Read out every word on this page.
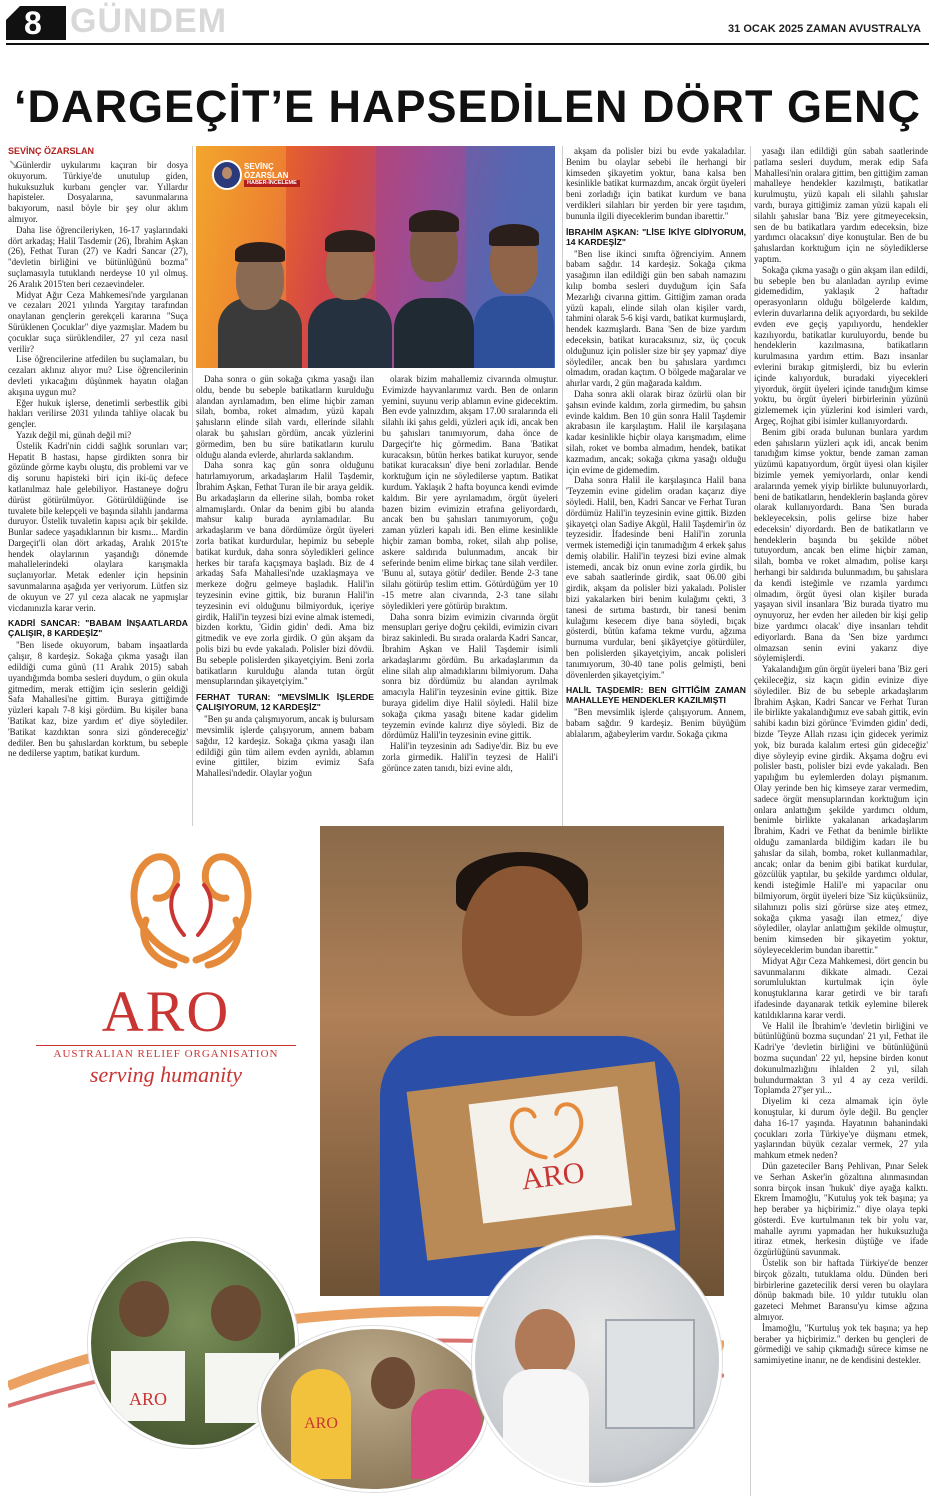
8 GÜNDEM	31 OCAK 2025 ZAMAN AVUSTRALYA
‘DARGEÇİT’E HAPSEDİLEN DÖRT GENÇ
SEVİNÇ ÖZARSLAN
➘

Günlerdir uykularımı kaçıran bir dosya okuyorum. Türkiye'de unutulup giden, hukuksuzluk kurbanı gençler var. Yıllardır hapisteler. Dosyalarına, savunmalarına bakıyorum, nasıl böyle bir şey olur aklım almıyor.

Daha lise öğrencileriyken, 16-17 yaşlarındaki dört arkadaş; Halil Tasdemir (26), İbrahim Aşkan (26), Fethat Turan (27) ve Kadri Sancar (27), "devletin birliğini ve bütünlüğünü bozma" suçlamasıyla tutuklandı nerdeyse 10 yıl olmuş. 26 Aralık 2015'ten beri cezaevindeler.

Midyat Ağır Ceza Mahkemesi'nde yargılanan ve cezaları 2021 yılında Yargıtay tarafından onaylanan gençlerin gerekçeli kararına "Suça Sürüklenen Çocuklar" diye yazmışlar. Madem bu çocuklar suça sürüklendiler, 27 yıl ceza nasıl verilir?

Lise öğrencilerine atfedilen bu suçlamaları, bu cezaları aklınız alıyor mu? Lise öğrencilerinin devleti yıkacağını düşünmek hayatın olağan akışına uygun mu?

Eğer hukuk işlerse, denetimli serbestlik gibi hakları verilirse 2031 yılında tahliye olacak bu gençler.

Yazık değil mi, günah değil mi?

Üstelik Kadri'nin ciddi sağlık sorunları var; Hepatit B hastası, hapse girdikten sonra bir gözünde görme kaybı oluştu, dis problemi var ve diş sorunu hapisteki biri için iki-üç defece katlanılmaz hale gelebiliyor. Hastaneye doğru dürüst götürülmüyor. Götürüldüğünde ise tuvalete bile kelepçeli ve başında silahlı jandarma duruyor. Üstelik tuvaletin kapısı açık bir şekilde. Bunlar sadece yaşadıklarının bir kısmı... Mardin Dargeçit'li olan dört arkadaş, Aralık 2015'te hendek olaylarının yaşandığı dönemde mahallelerindeki olaylara karışmakla suçlanıyorlar. Metak edenler için hepsinin savunmalarına aşağıda yer veriyorum. Lütfen siz de okuyun ve 27 yıl ceza alacak ne yapmışlar vicdanınızla karar verin.

KADRİ SANCAR: "BABAM İNŞAATLARDA ÇALIŞIR, 8 KARDEŞİZ"

"Ben lisede okuyorum, babam inşaatlarda çalışır, 8 kardeşiz. Sokağa çıkma yasağı ilan edildiği cuma günü (11 Aralık 2015) sabah uyandığımda bomba sesleri duydum, o gün okula gitmedim, merak ettiğim için seslerin geldiği Safa Mahallesi'ne gittim. Buraya gittiğimde yüzleri kapalı 7-8 kişi gördüm. Bu kişiler bana 'Batikat kaz, bize yardım et' diye söylediler. 'Batikat kazdıktan sonra sizi göndereceğiz' dediler. Ben bu şahıslardan korktum, bu sebeple ne dedilerse yaptım, batikat kurdum.

Daha sonra o gün sokağa çıkma yasağı ilan oldu, bende bu sebeple batikatların kurulduğu alandan ayrılamadım, ben elime hiçbir zaman silah, bomba, roket almadım, yüzü kapalı şahısların elinde silah vardı, ellerinde silahlı olarak bu şahısları gördüm, ancak yüzlerini görmedim, ben bu süre batikatların kurulu olduğu alanda evlerde, ahırlarda saklandım.

Daha sonra kaç gün sonra olduğunu hatırlamıyorum, arkadaşlarım Halil Taşdemir, İbrahim Aşkan, Fethat Turan ile bir araya geldik. Bu arkadaşların da ellerine silah, bomba roket almamışlardı. Onlar da benim gibi bu alanda mahsur kalıp burada ayrılamadılar. Bu arkadaşlarım ve bana dördümüze örgüt üyeleri zorla batikat kurdurdular, hepimiz bu sebeple batikat kurduk, daha sonra söyledikleri gelince herkes bir tarafa kaçışmaya başladı. Biz de 4 arkadaş Safa Mahallesi'nde uzaklaşmaya ve merkeze doğru gelmeye başladık. Halil'in teyzesinin evine gittik, biz buranın Halil'in teyzesinin evi olduğunu bilmiyorduk, içeriye girdik, Halil'in teyzesi bizi evine almak istemedi, bizden korktu, 'Gidin gidin' dedi. Ama biz gitmedik ve eve zorla girdik. O gün akşam da polis bizi bu evde yakaladı. Polisler bizi dövdü. Bu sebeple polislerden şikayetçiyim. Beni zorla batikatların kurulduğu alanda tutan örgüt mensuplarından şikayetçiyim."

FERHAT TURAN: "MEVSİMLİK İŞLERDE ÇALIŞIYORUM, 12 KARDEŞİZ"

"Ben şu anda çalışmıyorum, ancak iş bulursam mevsimlik işlerde çalışıyorum, annem babam sağdır, 12 kardeşiz. Sokağa çıkma yasağı ilan edildiği gün tüm ailem evden ayrıldı, ablamın evine gittiler, bizim evimiz Safa Mahallesi'ndedir. Olaylar yoğun

olarak bizim mahallemiz civarında olmuştur. Evimizde hayvanlarımız vardı. Ben de onların yemini, suyunu verip ablamın evine gidecektim. Ben evde yalnızdım, akşam 17.00 sıralarında eli silahlı iki şahıs geldi, yüzleri açık idi, ancak ben bu şahısları tanımıyorum, daha önce de Dargeçit'te hiç görmedim. Bana 'Batikat kuracaksın, bütün herkes batikat kuruyor, sende batikat kuracaksın' diye beni zorladılar. Bende korktuğum için ne söyledilerse yaptım. Batikat kurdum. Yaklaşık 2 hafta boyunca kendi evimde kaldım. Bir yere ayrılamadım, örgüt üyeleri bazen bizim evimizin etrafına geliyordardı, ancak ben bu şahısları tanımıyorum, çoğu zaman yüzleri kapalı idi. Ben elime kesinlikle hiçbir zaman bomba, roket, silah alıp polise, askere saldırıda bulunmadım, ancak bir seferinde benim elime birkaç tane silah verdiler. 'Bunu al, sutaya götür' dediler. Bende 2-3 tane silahı götürüp teslim ettim. Götürdüğüm yer 10 -15 metre alan civarında, 2-3 tane silahı söyledikleri yere götürüp bıraktım.

Daha sonra bizim evimizin civarında örgüt mensupları geriye doğru çekildi, evimizin civarı biraz sakinledi. Bu sırada oralarda Kadri Sancar, İbrahim Aşkan ve Halil Taşdemir isimli arkadaşlarımı gördüm. Bu arkadaşlarımın da eline silah alıp almadıklarını bilmiyorum. Daha sonra biz dördümüz bu alandan ayrılmak amacıyla Halil'in teyzesinin evine gittik. Bize buraya gidelim diye Halil söyledi. Halil bize sokağa çıkma yasağı bitene kadar gidelim teyzemin evinde kalırız diye söyledi. Biz de dördümüz Halil'in teyzesinin evine gittik.

Halil'in teyzesinin adı Sadiye'dir. Biz bu eve zorla girmedik. Halil'in teyzesi de Halil'i görünce zaten tanıdı, bizi evine aldı,

akşam da polisler bizi bu evde yakaladılar. Benim bu olaylar sebebi ile herhangi bir kimseden şikayetim yoktur, bana kalsa ben kesinlikle batikat kurmazdım, ancak örgüt üyeleri beni zorladığı için batikat kurdum ve bana verdikleri silahları bir yerden bir yere taşıdım, bununla ilgili diyeceklerim bundan ibarettir."

İBRAHİM AŞKAN: "LİSE İKİYE GİDİYORUM, 14 KARDEŞİZ"

"Ben lise ikinci sınıfta öğrenciyim. Annem babam sağdır. 14 kardeşiz. Sokağa çıkma yasağının ilan edildiği gün ben sabah namazını kılıp bomba sesleri duyduğum için Safa Mezarlığı civarına gittim. Gittiğim zaman orada yüzü kapalı, elinde silah olan kişiler vardı, tahmini olarak 5-6 kişi vardı, batikat kurmuşlardı, hendek kazmışlardı. Bana 'Sen de bize yardım edeceksin, batikat kuracaksınız, siz, üç çocuk olduğunuz için polisler size bir şey yapmaz' diye söylediler, ancak ben bu şahıslara yardımcı olmadım, oradan kaçtım. O bölgede mağaralar ve ahırlar vardı, 2 gün mağarada kaldım.

Daha sonra akli olarak biraz özürlü olan bir şahsın evinde kaldım, zorla girmedim, bu şahsın evinde kaldım. Ben 10 gün sonra Halil Taşdemir akrabasın ile karşılaştım. Halil ile karşılaşana kadar kesinlikle hiçbir olaya karışmadım, elime silah, roket ve bomba almadım, hendek, batikat kazmadım, ancak; sokağa çıkma yasağı olduğu için evime de gidemedim.

Daha sonra Halil ile karşılaşınca Halil bana 'Teyzemin evine gidelim oradan kaçarız diye söyledi. Halil, ben, Kadri Sancar ve Ferhat Turan dördümüz Halil'in teyzesinin evine gittik. Bizden şikayetçi olan Sadiye Akgül, Halil Taşdemir'in öz teyzesidir. İfadesinde beni Halil'in zorunla vermek istemediği için tanımadığım 4 erkek şahıs demiş olabilir. Halil'in teyzesi bizi evine almak istemedi, ancak biz onun evine zorla girdik, bu eve sabah saatlerinde girdik, saat 06.00 gibi girdik, akşam da polisler bizi yakaladı. Polisler bizi yakalarken biri benim kulağımı çekti, 3 tanesi de sırtıma bastırdı, bir tanesi benim kulağımı kesecem diye bana söyledi, bıçak gösterdi, bütün kafama tekme vurdu, ağzıma burnuma vurdular, beni şikâyetçiye götürdüler, ben polislerden şikayetçiyim, ancak polisleri tanımıyorum, 30-40 tane polis gelmişti, beni dövenlerden şikayetçiyim."

HALİL TAŞDEMİR: BEN GİTTİĞİM ZAMAN MAHALLEYE HENDEKLER KAZILMIŞTI

"Ben mevsimlik işlerde çalışıyorum. Annem, babam sağdır. 9 kardeşiz. Benim büyüğüm ablalarım, ağabeylerim vardır. Sokağa çıkma

yasağı ilan edildiği gün sabah saatlerinde patlama sesleri duydum, merak edip Safa Mahallesi'nin oralara gittim, ben gittiğim zaman mahalleye hendekler kazılmıştı, batikatlar kurulmuştu, yüzü kapalı eli silahlı şahıslar vardı, buraya gittiğimiz zaman yüzü kapalı eli silahlı şahıslar bana 'Biz yere gitmeyeceksin, sen de bu batikatlara yardım edeceksin, bize yardımcı olacaksın' diye konuştular. Ben de bu şahıslardan korktuğum için ne söylediklerse yaptım.

Sokağa çıkma yasağı o gün akşam ilan edildi, bu sebeple ben bu alanladan ayrılıp evime gidemedidim, yaklaşık 2 haftadır operasyonların olduğu bölgelerde kaldım, evlerin duvarlarına delik açıyordardı, bu sekilde evden eve geçiş yapılıyordu, hendekler kazılıyordu, batikatlar kuruluyordu, bende bu hendeklerin kazılmasına, batikatların kurulmasına yardım ettim. Bazı insanlar evlerini bırakıp gitmişlerdi, biz bu evlerin içinde kalıyorduk, buradaki yiyecekleri yiyorduk, örgüt üyeleri içinde tanıdığım kimse yoktu, bu örgüt üyeleri birbirlerinin yüzünü gizlememek için yüzlerini kod isimleri vardı, Argeç, Rojhat gibi isimler kullanıyordardı.

Benim gibi orada bulunan bunlara yardım eden şahısların yüzleri açık idi, ancak benim tanıdığım kimse yoktur, bende zaman zaman yüzümü kapatıyordum, örgüt üyesi olan kişiler bizimle yemek yemiyorlardı, onlar kendi aralarında yemek yiyip birlikte bulunuyorlardı, beni de batikatların, hendeklerin başlanda görev olarak kullanıyordardı. Bana 'Sen burada bekleyeceksin, polis gelirse bize haber edeceksin' diyordardı. Ben de batikatların ve hendeklerin başında bu şekilde nöbet tutuyordum, ancak ben elime hiçbir zaman, silah, bomba ve roket almadım, polise karşı herhangi bir saldırıda bulunmadım, bu şahıslara da kendi isteğimle ve rızamla yardımcı olmadım, örgüt üyesi olan kişiler burada yaşayan sivil insanlara 'Biz burada tiyatro mu oynuyoruz, her evden her aileden bir kişi gelip bize yardımcı olacak' diye insanları tehdit ediyorlardı. Bana da 'Sen bize yardımcı olmazsan senin evini yakarız diye söylemişlerdi.

Yakalandığım gün örgüt üyeleri bana 'Biz geri çekileceğiz, siz kaçın gidin evinize diye söylediler. Biz de bu sebeple arkadaşlarım İbrahim Aşkan, Kadri Sancar ve Ferhat Turan ile birlikte yakalandığımız eve sabah gittik, evin sahibi kadın bizi görünce 'Evimden gidin' dedi, bizde 'Teyze Allah rızası için gidecek yerimiz yok, biz burada kalalım ertesi gün gideceğiz' diye söyleyip evine girdik. Akşama doğru evi polisler bastı, polisler bizi evde yakaladı. Ben yapılığım bu eylemlerden dolayı pişmanım. Olay yerinde ben hiç kimseye zarar vermedim, sadece örgüt mensuplarından korktuğum için onlara anlattığım şekilde yardımcı oldum, benimle birlikte yakalanan arkadaşlarım İbrahim, Kadri ve Fethat da benimle birlikte olduğu zamanlarda bildiğim kadarı ile bu şahıslar da silah, bomba, roket kullanmadılar, ancak; onlar da benim gibi batikat kurdular, gözcülük yaptılar, bu şekilde yardımcı oldular, kendi isteğimle Halil'e mi yapacılar onu bilmiyorum, örgüt üyeleri bize 'Siz küçüksünüz, silahınızı polis sizi görürse size ateş etmez, sokağa çıkma yasağı ilan etmez,' diye söylediler, olaylar anlattığım şekilde olmuştur, benim kimseden bir şikayetim yoktur, söyleyeceklerim bundan ibarettir."

Midyat Ağır Ceza Mahkemesi, dört gencin bu savunmalarını dikkate almadı. Cezai sorumluluktan kurtulmak için öyle konuştuklarına karar getirdi ve bir tarafı ifadesinde dayanarak tetkik eylemine bilerek katıldıklarına karar verdi.

Ve Halil ile İbrahim'e 'devletin birliğini ve bütünlüğünü bozma suçundan' 21 yıl, Fethat ile Kadri'ye 'devletin birliğini ve bütünlüğünü bozma suçundan' 22 yıl, hepsine birden konut dokunulmazlığını ihlalden 2 yıl, silah bulundurmaktan 3 yıl 4 ay ceza verildi. Toplamda 27'şer yıl...

Diyelim ki ceza almamak için öyle konuştular, ki durum öyle değil. Bu gençler daha 16-17 yaşında. Hayatının bahanindaki çocukları zorla Türkiye'ye düşmanı etmek, yaşlarından büyük cezalar vermek, 27 yıla mahkum etmek neden?

Dün gazeteciler Barış Pehlivan, Pınar Selek ve Serhan Asker'in gözaltına alınmasından sonra birçok insan 'hukuk' diye ayağa kalktı. Ekrem İmamoğlu, "Kutuluş yok tek başına; ya hep beraber ya hiçbirimiz." diye olaya tepki gösterdi. Eve kurtulmanın tek bir yolu var, mahalle ayrımı yapmadan her hukuksuzluğa itiraz etmek, herkesin düştüğe ve ifade özgürlüğünü savunmak.

Üstelik son bir haftada Türkiye'de benzer birçok gözaltı, tutuklama oldu. Dünden beri birbirlerine gazetecilik dersi veren bu olaylara dönüp bakmadı bile. 10 yıldır tutuklu olan gazeteci Mehmet Baransu'yu kimse ağzına almıyor.

İmamoğlu, "Kurtuluş yok tek başına; ya hep beraber ya hiçbirimiz." derken bu gençleri de görmediği ve sahip çıkmadığı sürece kimse ne samimiyetine inanır, ne de kendisini destekler.

SEVİNÇ
ÖZARSLAN
HABER-İNCELEME
ARO
AUSTRALIAN RELIEF ORGANISATION
serving humanity
ARO
ARO
ARO
